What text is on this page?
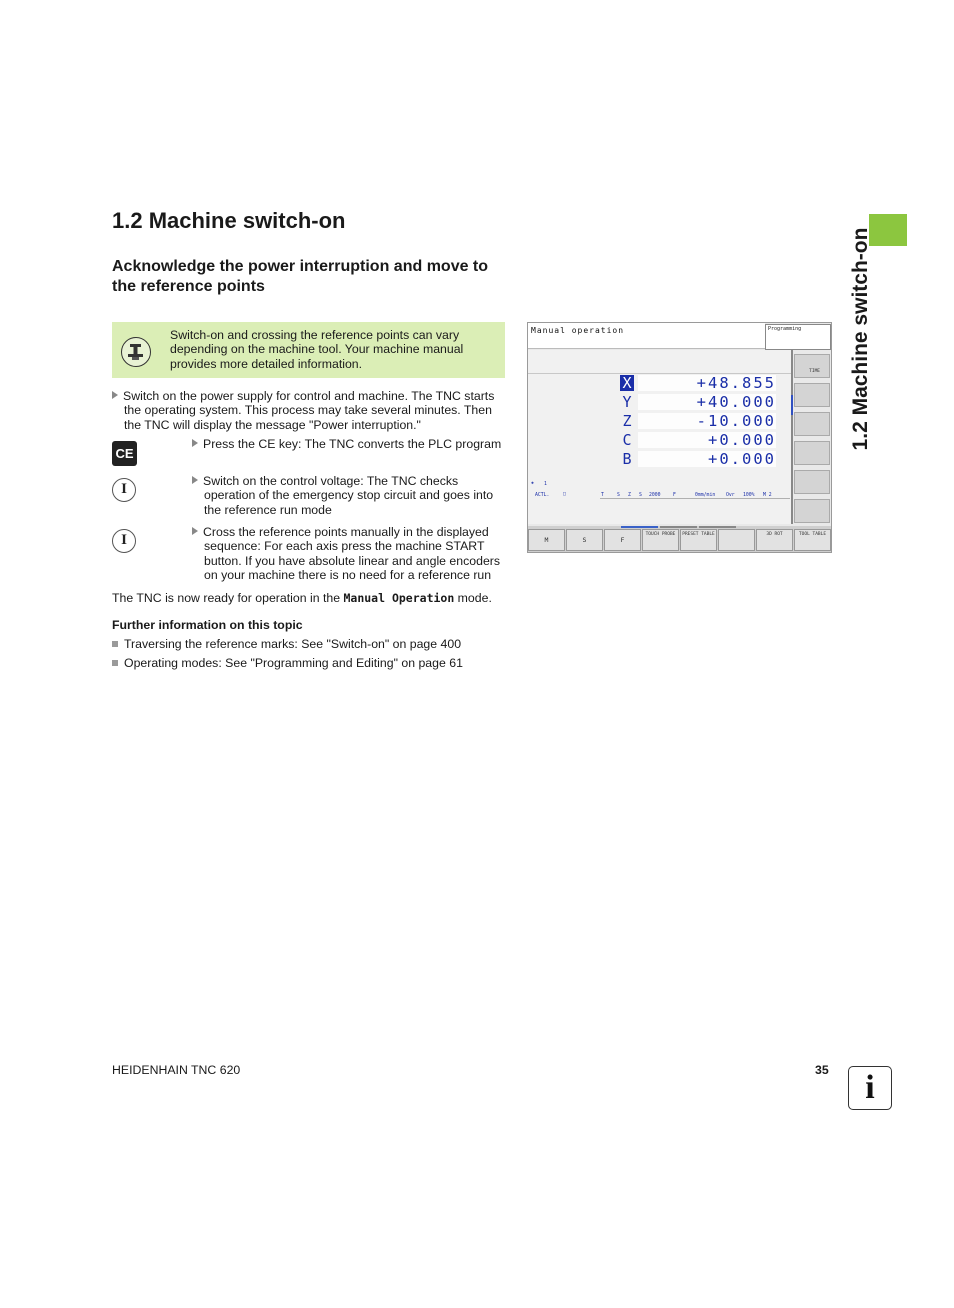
1.2 Machine switch-on
1.2 Machine switch-on
Acknowledge the power interruption and move to the reference points
Switch-on and crossing the reference points can vary depending on the machine tool. Your machine manual provides more detailed information.
Switch on the power supply for control and machine. The TNC starts the operating system. This process may take several minutes. Then the TNC will display the message "Power interruption."
CE
Press the CE key: The TNC converts the PLC program
I	Switch on the control voltage: The TNC checks operation of the emergency stop circuit and goes into the reference run mode
I	Cross the reference points manually in the displayed sequence: For each axis press the machine START button. If you have absolute linear and angle encoders on your machine there is no need for a reference run
The TNC is now ready for operation in the Manual Operation mode.
Further information on this topic
Traversing the reference marks: See "Switch-on" on page 400
Operating modes: See "Programming and Editing" on page 61
Manual operation	Programming
X	+48.855
Y	+40.000
Z	-10.000
C	+0.000
B	+0.000
◈ 1
ACTL.	□	T	S Z S 2000	F	0mm/min Ovr 100% M 2
TIME
M	S	F
TOUCH PROBE	PRESET TABLE	3D ROT	TOOL TABLE
HEIDENHAIN TNC 620	35	i
